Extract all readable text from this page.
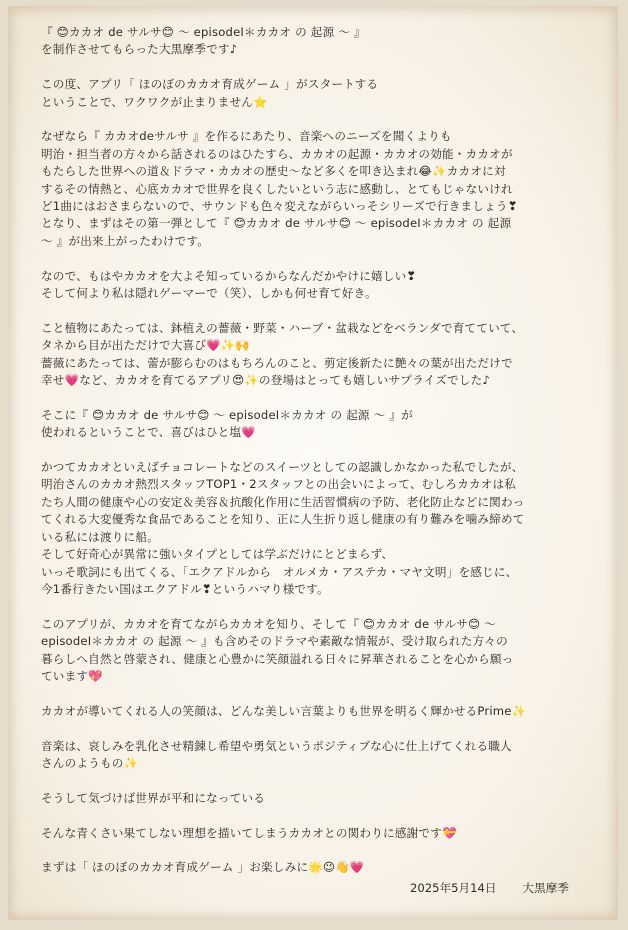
『 😊カカオ de サルサ😊 ～ episodeⅠ＊カカオ の 起源 ～ 』
を制作させてもらった大黒摩季です♪

この度、アプリ「 ほのぼのカカオ育成ゲーム 」がスタートする
ということで、ワクワクが止まりません⭐

なぜなら『 カカオdeサルサ 』を作るにあたり、音楽へのニーズを聞くよりも
明治・担当者の方々から話されるのはひたすら、カカオの起源・カカオの効能・カカオが
もたらした世界への道＆ドラマ・カカオの歴史〜など多くを叩き込まれ😂✨カカオに対
するその情熱と、心底カカオで世界を良くしたいという志に感動し、とてもじゃないけれ
ど1曲にはおさまらないので、サウンドも色々変えながらいっそシリーズで行きましょう❣
となり、まずはその第一弾として『 😊カカオ de サルサ😊 ～ episodeⅠ＊カカオ の 起源
～ 』が出来上がったわけです。

なので、もはやカカオを大よそ知っているからなんだかやけに嬉しい❣
そして何より私は隠れゲーマーで（笑）、しかも何せ育て好き。

こと植物にあたっては、鉢植えの薔薇・野菜・ハーブ・盆栽などをベランダで育てていて、
タネから目が出ただけで大喜び💗✨🙌
薔薇にあたっては、蕾が膨らむのはもちろんのこと、剪定後新たに艶々の葉が出ただけで
幸せ💗など、カカオを育てるアプリ😍✨の登場はとっても嬉しいサプライズでした♪

そこに『 😊カカオ de サルサ😊 ～ episodeⅠ＊カカオ の 起源 ～ 』が
使われるということで、喜びはひと塩💗

かつてカカオといえばチョコレートなどのスイーツとしての認識しかなかった私でしたが、
明治さんのカカオ熱烈スタッフTOP1・2スタッフとの出会いによって、むしろカカオは私
たち人間の健康や心の安定＆美容＆抗酸化作用に生活習慣病の予防、老化防止などに関わっ
てくれる大変優秀な食品であることを知り、正に人生折り返し健康の有り難みを噛み締めて
いる私には渡りに船。
そして好奇心が異常に強いタイプとしては学ぶだけにとどまらず、
いっそ歌詞にも出てくる、「エクアドルから　オルメカ・アステカ・マヤ文明」を感じに、
今1番行きたい国はエクアドル❣というハマり様です。

このアプリが、カカオを育てながらカカオを知り、そして『 😊カカオ de サルサ😊 ～
episodeⅠ＊カカオ の 起源 ～ 』も含めそのドラマや素敵な情報が、受け取られた方々の
暮らしへ自然と啓蒙され、健康と心豊かに笑顔溢れる日々に昇華されることを心から願っ
ています💖

カカオが導いてくれる人の笑顔は、どんな美しい言葉よりも世界を明るく輝かせるPrime✨

音楽は、哀しみを乳化させ精錬し希望や勇気というポジティブな心に仕上げてくれる職人
さんのようもの✨

そうして気づけば世界が平和になっている

そんな青くさい果てしない理想を描いてしまうカカオとの関わりに感謝です💝

まずは「 ほのぼのカカオ育成ゲーム 」お楽しみに🌟😉👋💗

2025年5月14日 大黒摩季
